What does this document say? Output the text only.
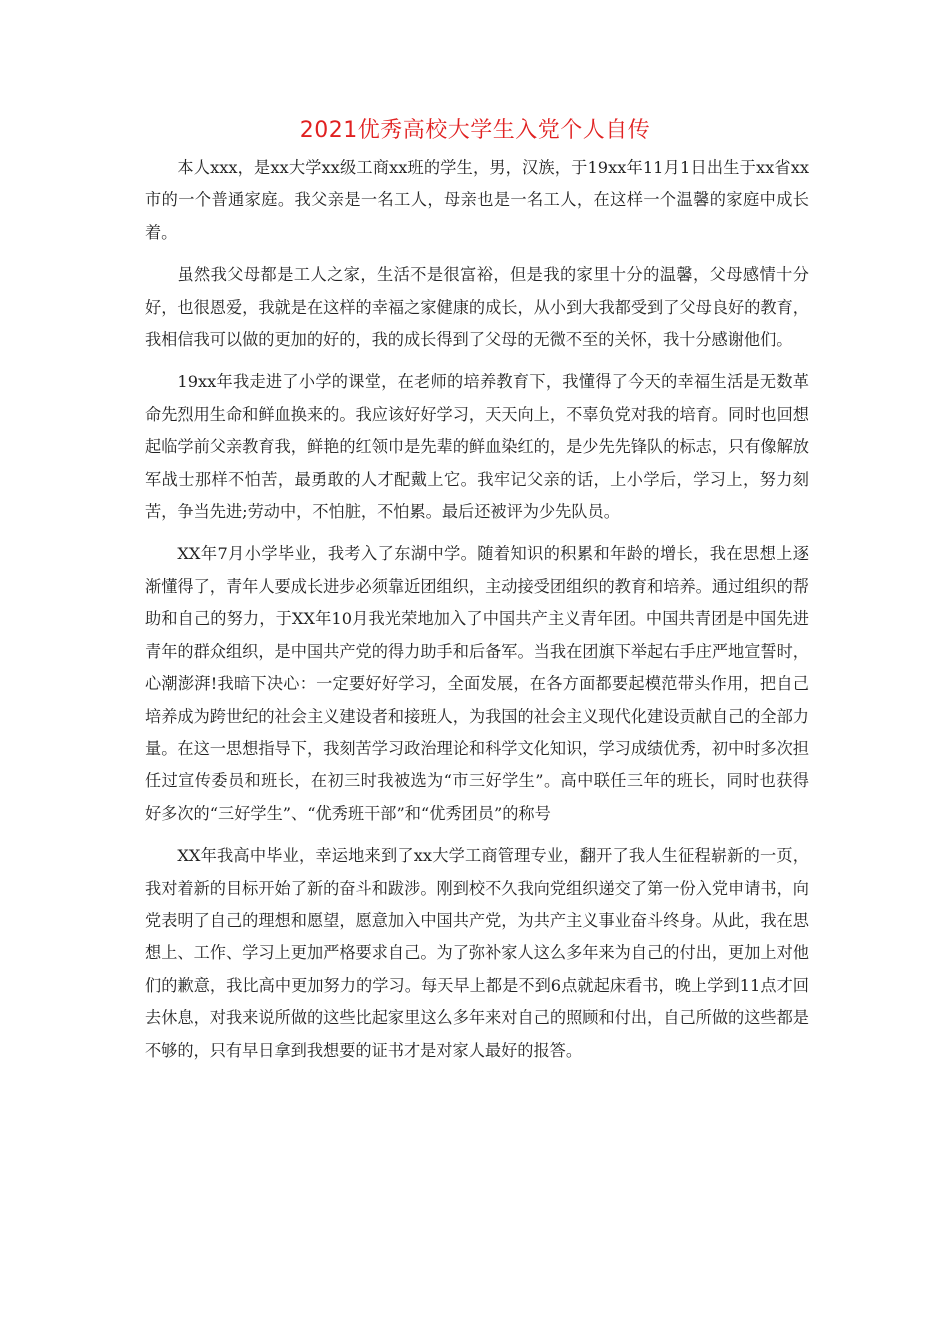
2021优秀高校大学生入党个人自传

本人xxx，是xx大学xx级工商xx班的学生，男，汉族，于19xx年11月1日出生于xx省xx市的一个普通家庭。我父亲是一名工人，母亲也是一名工人，在这样一个温馨的家庭中成长着。

虽然我父母都是工人之家，生活不是很富裕，但是我的家里十分的温馨，父母感情十分好，也很恩爱，我就是在这样的幸福之家健康的成长，从小到大我都受到了父母良好的教育，我相信我可以做的更加的好的，我的成长得到了父母的无微不至的关怀，我十分感谢他们。

19xx年我走进了小学的课堂，在老师的培养教育下，我懂得了今天的幸福生活是无数革命先烈用生命和鲜血换来的。我应该好好学习，天天向上，不辜负党对我的培育。同时也回想起临学前父亲教育我，鲜艳的红领巾是先辈的鲜血染红的，是少先先锋队的标志，只有像解放军战士那样不怕苦，最勇敢的人才配戴上它。我牢记父亲的话，上小学后，学习上，努力刻苦，争当先进;劳动中，不怕脏，不怕累。最后还被评为少先队员。

XX年7月小学毕业，我考入了东湖中学。随着知识的积累和年龄的增长，我在思想上逐渐懂得了，青年人要成长进步必须靠近团组织，主动接受团组织的教育和培养。通过组织的帮助和自己的努力，于XX年10月我光荣地加入了中国共产主义青年团。中国共青团是中国先进青年的群众组织，是中国共产党的得力助手和后备军。当我在团旗下举起右手庄严地宣誓时，心潮澎湃!我暗下决心：一定要好好学习，全面发展，在各方面都要起模范带头作用，把自己培养成为跨世纪的社会主义建设者和接班人，为我国的社会主义现代化建设贡献自己的全部力量。在这一思想指导下，我刻苦学习政治理论和科学文化知识，学习成绩优秀，初中时多次担任过宣传委员和班长，在初三时我被选为“市三好学生”。高中联任三年的班长，同时也获得好多次的“三好学生”、“优秀班干部”和“优秀团员”的称号

XX年我高中毕业，幸运地来到了xx大学工商管理专业，翻开了我人生征程崭新的一页，我对着新的目标开始了新的奋斗和跋涉。刚到校不久我向党组织递交了第一份入党申请书，向党表明了自己的理想和愿望，愿意加入中国共产党，为共产主义事业奋斗终身。从此，我在思想上、工作、学习上更加严格要求自己。为了弥补家人这么多年来为自己的付出，更加上对他们的歉意，我比高中更加努力的学习。每天早上都是不到6点就起床看书，晚上学到11点才回去休息，对我来说所做的这些比起家里这么多年来对自己的照顾和付出，自己所做的这些都是不够的，只有早日拿到我想要的证书才是对家人最好的报答。
